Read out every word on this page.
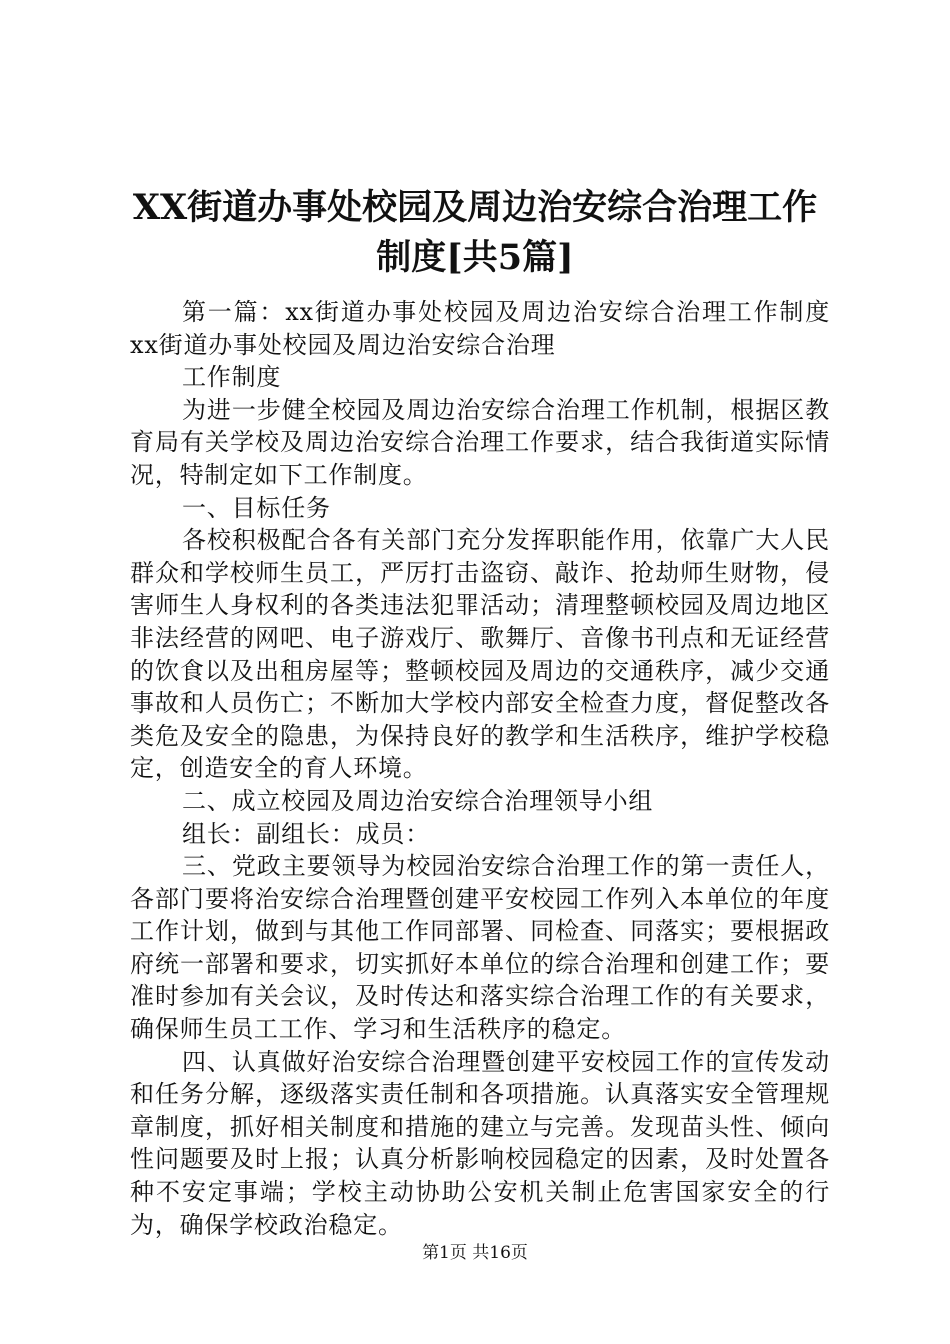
XX街道办事处校园及周边治安综合治理工作
制度[共5篇]

第一篇：xx街道办事处校园及周边治安综合治理工作制度xx街道办事处校园及周边治安综合治理

工作制度

为进一步健全校园及周边治安综合治理工作机制，根据区教育局有关学校及周边治安综合治理工作要求，结合我街道实际情况，特制定如下工作制度。

一、目标任务

各校积极配合各有关部门充分发挥职能作用，依靠广大人民群众和学校师生员工，严厉打击盗窃、敲诈、抢劫师生财物，侵害师生人身权利的各类违法犯罪活动；清理整顿校园及周边地区非法经营的网吧、电子游戏厅、歌舞厅、音像书刊点和无证经营的饮食以及出租房屋等；整顿校园及周边的交通秩序，减少交通事故和人员伤亡；不断加大学校内部安全检查力度，督促整改各类危及安全的隐患，为保持良好的教学和生活秩序，维护学校稳定，创造安全的育人环境。

二、成立校园及周边治安综合治理领导小组

组长：副组长：成员：

三、党政主要领导为校园治安综合治理工作的第一责任人，各部门要将治安综合治理暨创建平安校园工作列入本单位的年度工作计划，做到与其他工作同部署、同检查、同落实；要根据政府统一部署和要求，切实抓好本单位的综合治理和创建工作；要准时参加有关会议，及时传达和落实综合治理工作的有关要求，确保师生员工工作、学习和生活秩序的稳定。

四、认真做好治安综合治理暨创建平安校园工作的宣传发动和任务分解，逐级落实责任制和各项措施。认真落实安全管理规章制度，抓好相关制度和措施的建立与完善。发现苗头性、倾向性问题要及时上报；认真分析影响校园稳定的因素，及时处置各种不安定事端；学校主动协助公安机关制止危害国家安全的行为，确保学校政治稳定。

第1页 共16页
